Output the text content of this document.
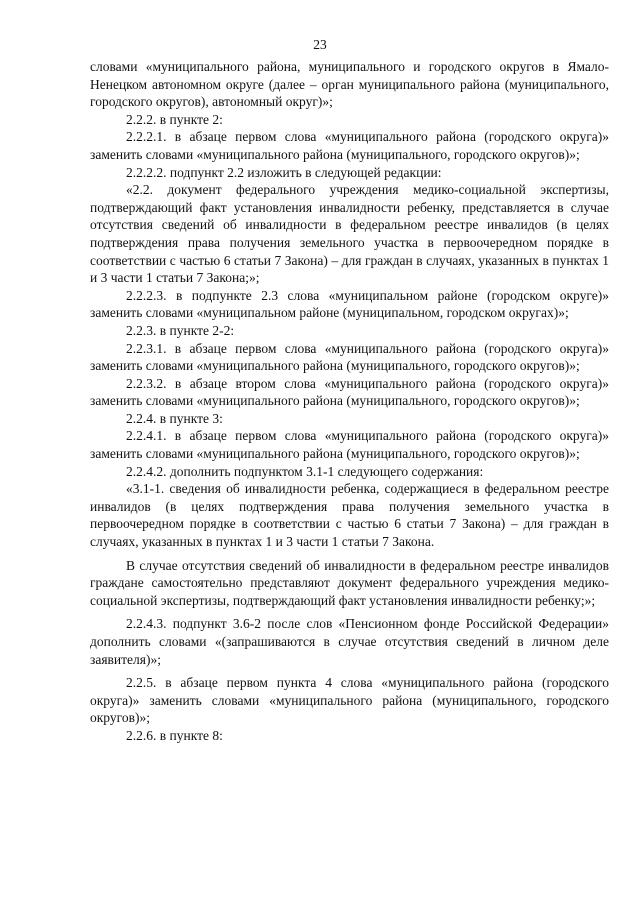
23

словами «муниципального района, муниципального и городского округов в Ямало-Ненецком автономном округе (далее – орган муниципального района (муниципального, городского округов), автономный округ)»;

2.2.2. в пункте 2:

2.2.2.1. в абзаце первом слова «муниципального района (городского округа)» заменить словами «муниципального района (муниципального, городского округов)»;

2.2.2.2. подпункт 2.2 изложить в следующей редакции:

«2.2. документ федерального учреждения медико-социальной экспертизы, подтверждающий факт установления инвалидности ребенку, представляется в случае отсутствия сведений об инвалидности в федеральном реестре инвалидов (в целях подтверждения права получения земельного участка в первоочередном порядке в соответствии с частью 6 статьи 7 Закона) – для граждан в случаях, указанных в пунктах 1 и 3 части 1 статьи 7 Закона;»;

2.2.2.3. в подпункте 2.3 слова «муниципальном районе (городском округе)» заменить словами «муниципальном районе (муниципальном, городском округах)»;

2.2.3. в пункте 2-2:

2.2.3.1. в абзаце первом слова «муниципального района (городского округа)» заменить словами «муниципального района (муниципального, городского округов)»;

2.2.3.2. в абзаце втором слова «муниципального района (городского округа)» заменить словами «муниципального района (муниципального, городского округов)»;

2.2.4. в пункте 3:

2.2.4.1. в абзаце первом слова «муниципального района (городского округа)» заменить словами «муниципального района (муниципального, городского округов)»;

2.2.4.2. дополнить подпунктом 3.1-1 следующего содержания:

«3.1-1. сведения об инвалидности ребенка, содержащиеся в федеральном реестре инвалидов (в целях подтверждения права получения земельного участка в первоочередном порядке в соответствии с частью 6 статьи 7 Закона) – для граждан в случаях, указанных в пунктах 1 и 3 части 1 статьи 7 Закона.

В случае отсутствия сведений об инвалидности в федеральном реестре инвалидов граждане самостоятельно представляют документ федерального учреждения медико-социальной экспертизы, подтверждающий факт установления инвалидности ребенку;»;

2.2.4.3. подпункт 3.6-2 после слов «Пенсионном фонде Российской Федерации» дополнить словами «(запрашиваются в случае отсутствия сведений в личном деле заявителя)»;

2.2.5. в абзаце первом пункта 4 слова «муниципального района (городского округа)» заменить словами «муниципального района (муниципального, городского округов)»;

2.2.6. в пункте 8:
